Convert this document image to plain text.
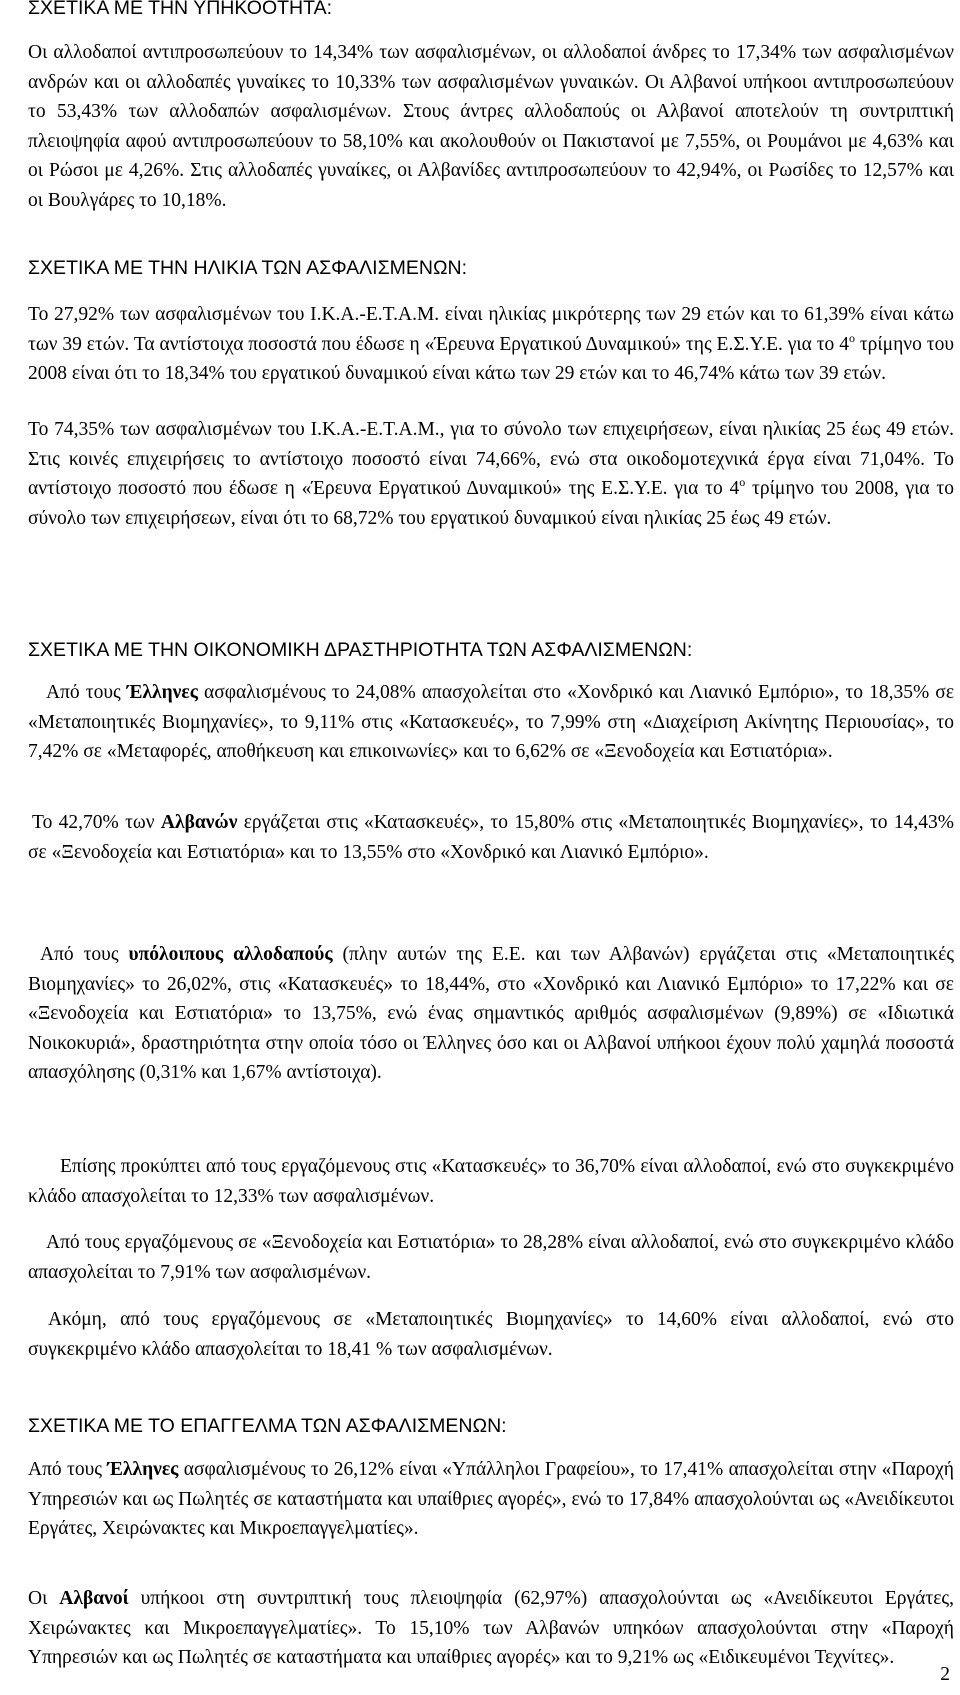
ΣΧΕΤΙΚΑ ΜΕ ΤΗΝ ΥΠΗΚΟΟΤΗΤΑ:

Οι αλλοδαποί αντιπροσωπεύουν το 14,34% των ασφαλισμένων, οι αλλοδαποί άνδρες το 17,34% των ασφαλισμένων ανδρών και οι αλλοδαπές γυναίκες το 10,33% των ασφαλισμένων γυναικών. Οι Αλβανοί υπήκοοι αντιπροσωπεύουν το 53,43% των αλλοδαπών ασφαλισμένων. Στους άντρες αλλοδαπούς οι Αλβανοί αποτελούν τη συντριπτική πλειοψηφία αφού αντιπροσωπεύουν το 58,10% και ακολουθούν οι Πακιστανοί με 7,55%, οι Ρουμάνοι με 4,63% και οι Ρώσοι με 4,26%. Στις αλλοδαπές γυναίκες, οι Αλβανίδες αντιπροσωπεύουν το 42,94%, οι Ρωσίδες το 12,57% και οι Βουλγάρες το 10,18%.

ΣΧΕΤΙΚΑ ΜΕ ΤΗΝ ΗΛΙΚΙΑ ΤΩΝ ΑΣΦΑΛΙΣΜΕΝΩΝ:

Το 27,92% των ασφαλισμένων του Ι.Κ.Α.-Ε.Τ.Α.Μ. είναι ηλικίας μικρότερης των 29 ετών και το 61,39% είναι κάτω των 39 ετών. Τα αντίστοιχα ποσοστά που έδωσε η «Έρευνα Εργατικού Δυναμικού» της Ε.Σ.Υ.Ε. για το $4^o$ τρίμηνο του 2008 είναι ότι το 18,34% του εργατικού δυναμικού είναι κάτω των 29 ετών και το 46,74% κάτω των 39 ετών.

Το 74,35% των ασφαλισμένων του Ι.Κ.Α.-Ε.Τ.Α.Μ., για το σύνολο των επιχειρήσεων, είναι ηλικίας 25 έως 49 ετών. Στις κοινές επιχειρήσεις το αντίστοιχο ποσοστό είναι 74,66%, ενώ στα οικοδομοτεχνικά έργα είναι 71,04%. Το αντίστοιχο ποσοστό που έδωσε η «Έρευνα Εργατικού Δυναμικού» της Ε.Σ.Υ.Ε. για το $4^o$ τρίμηνο του 2008, για το σύνολο των επιχειρήσεων, είναι ότι το 68,72% του εργατικού δυναμικού είναι ηλικίας 25 έως 49 ετών.

ΣΧΕΤΙΚΑ ΜΕ ΤΗΝ ΟΙΚΟΝΟΜΙΚΗ ΔΡΑΣΤΗΡΙΟΤΗΤΑ ΤΩΝ ΑΣΦΑΛΙΣΜΕΝΩΝ:

Από τους Έλληνες ασφαλισμένους το 24,08% απασχολείται στο «Χονδρικό και Λιανικό Εμπόριο», το 18,35% σε «Μεταποιητικές Βιομηχανίες», το 9,11% στις «Κατασκευές», το 7,99% στη «Διαχείριση Ακίνητης Περιουσίας», το 7,42% σε «Μεταφορές, αποθήκευση και επικοινωνίες» και το 6,62% σε «Ξενοδοχεία και Εστιατόρια».

Το 42,70% των Αλβανών εργάζεται στις «Κατασκευές», το 15,80% στις «Μεταποιητικές Βιομηχανίες», το 14,43% σε «Ξενοδοχεία και Εστιατόρια» και το 13,55% στο «Χονδρικό και Λιανικό Εμπόριο».

Από τους υπόλοιπους αλλοδαπούς (πλην αυτών της Ε.Ε. και των Αλβανών) εργάζεται στις «Μεταποιητικές Βιομηχανίες» το 26,02%, στις «Κατασκευές» το 18,44%, στο «Χονδρικό και Λιανικό Εμπόριο» το 17,22% και σε «Ξενοδοχεία και Εστιατόρια» το 13,75%, ενώ ένας σημαντικός αριθμός ασφαλισμένων (9,89%) σε «Ιδιωτικά Νοικοκυριά», δραστηριότητα στην οποία τόσο οι Έλληνες όσο και οι Αλβανοί υπήκοοι έχουν πολύ χαμηλά ποσοστά απασχόλησης (0,31% και 1,67% αντίστοιχα).

Επίσης προκύπτει από τους εργαζόμενους στις «Κατασκευές» το 36,70% είναι αλλοδαποί, ενώ στο συγκεκριμένο κλάδο απασχολείται το 12,33% των ασφαλισμένων.

Από τους εργαζόμενους σε «Ξενοδοχεία και Εστιατόρια» το 28,28% είναι αλλοδαποί, ενώ στο συγκεκριμένο κλάδο απασχολείται το 7,91% των ασφαλισμένων.

Ακόμη, από τους εργαζόμενους σε «Μεταποιητικές Βιομηχανίες» το 14,60% είναι αλλοδαποί, ενώ στο συγκεκριμένο κλάδο απασχολείται το 18,41 % των ασφαλισμένων.

ΣΧΕΤΙΚΑ ΜΕ ΤΟ ΕΠΑΓΓΕΛΜΑ ΤΩΝ ΑΣΦΑΛΙΣΜΕΝΩΝ:

Από τους Έλληνες ασφαλισμένους το 26,12% είναι «Υπάλληλοι Γραφείου», το 17,41% απασχολείται στην «Παροχή Υπηρεσιών και ως Πωλητές σε καταστήματα και υπαίθριες αγορές», ενώ το 17,84% απασχολούνται ως «Ανειδίκευτοι Εργάτες, Χειρώνακτες και Μικροεπαγγελματίες».

Οι Αλβανοί υπήκοοι στη συντριπτική τους πλειοψηφία (62,97%) απασχολούνται ως «Ανειδίκευτοι Εργάτες, Χειρώνακτες και Μικροεπαγγελματίες». Το 15,10% των Αλβανών υπηκόων απασχολούνται στην «Παροχή Υπηρεσιών και ως Πωλητές σε καταστήματα και υπαίθριες αγορές» και το 9,21% ως «Ειδικευμένοι Τεχνίτες».

2
